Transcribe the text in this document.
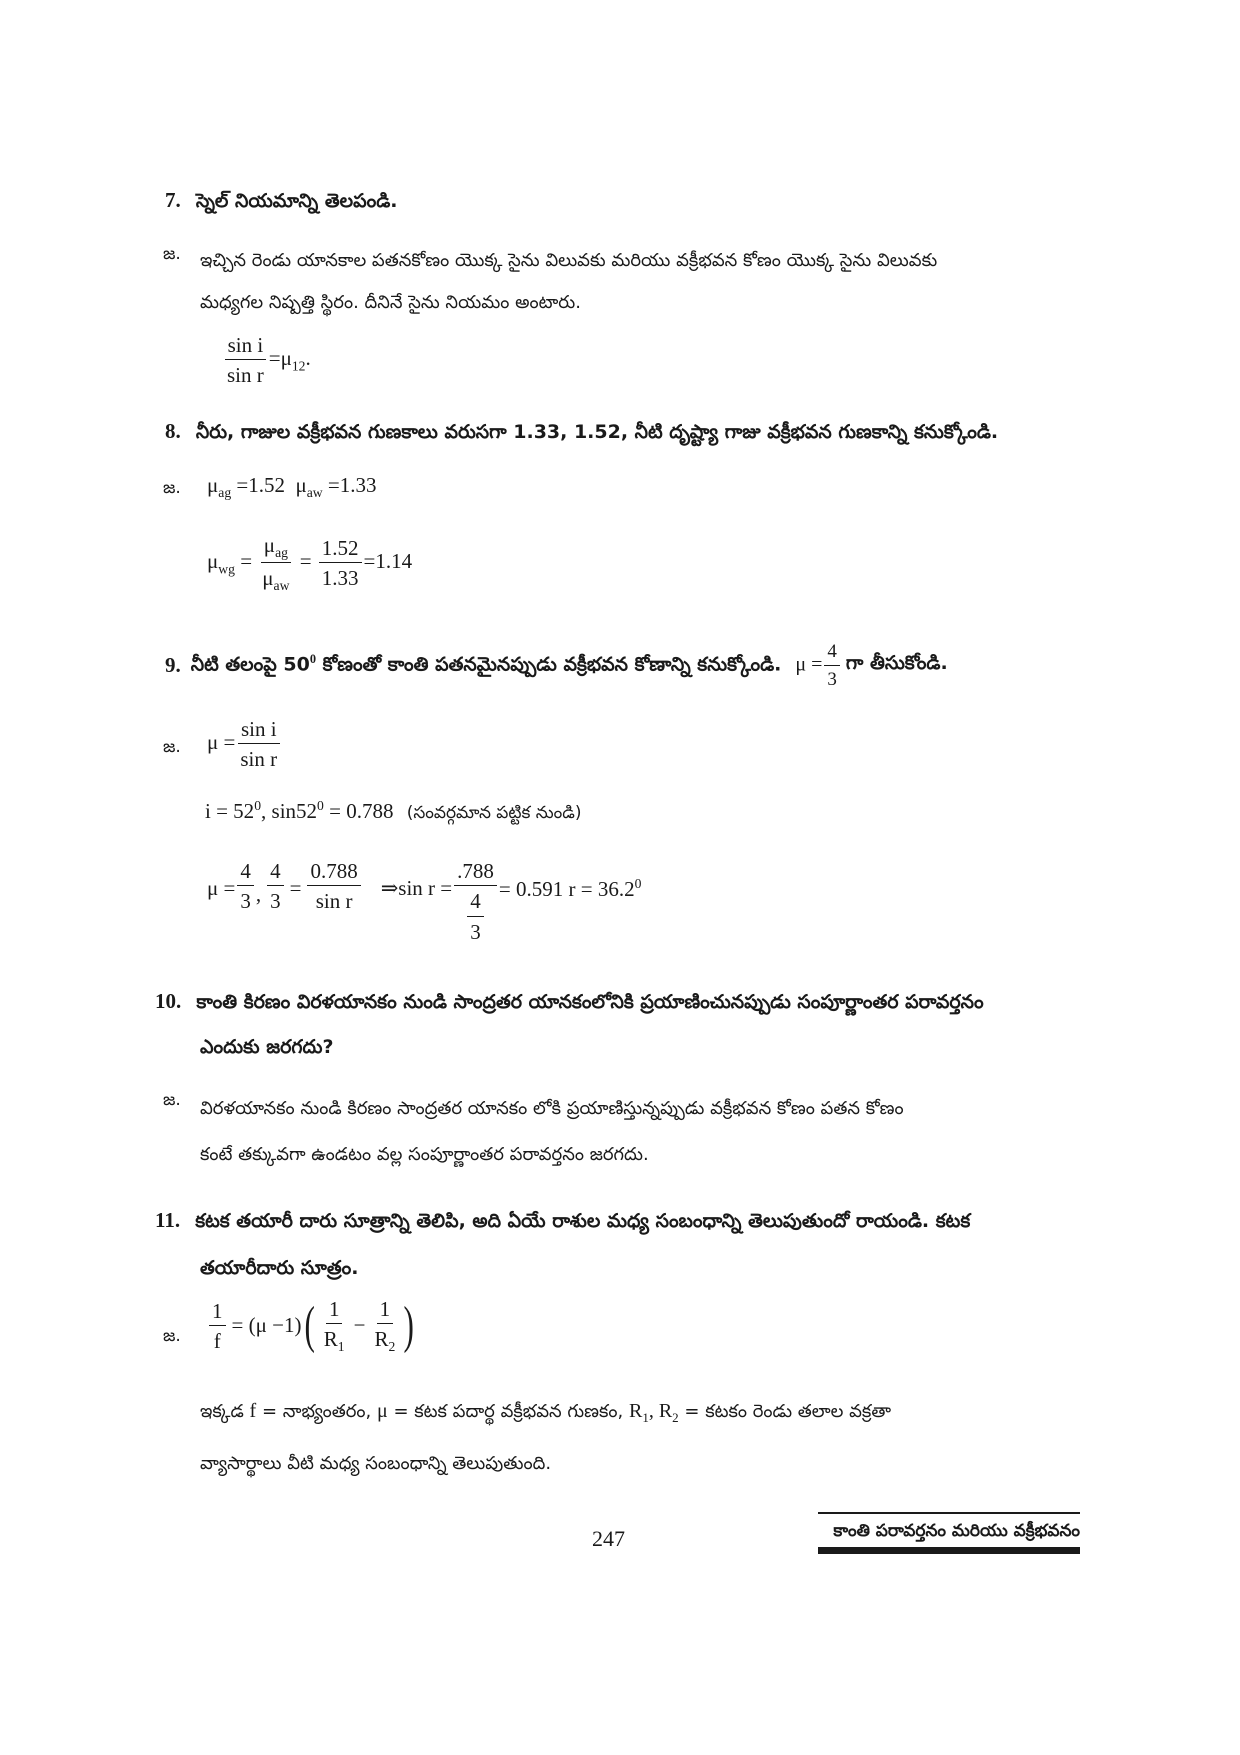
7. స్నెల్ నియమాన్ని తెలపండి.
జ. ఇచ్చిన రెండు యానకాల పతనకోణం యొక్క సైను విలువకు మరియు వక్రీభవన కోణం యొక్క సైను విలువకు
మధ్యగల నిష్పత్తి స్థిరం. దీనినే సైను నియమం అంటారు.
$\frac{\text{sin i}}{\text{sin r}} =\mu_{12}$.
8. నీరు, గాజుల వక్రీభవన గుణకాలు వరుసగా 1.33, 1.52, నీటి దృష్ట్యా గాజు వక్రీభవన గుణకాన్ని కనుక్కోండి.
జ. $\mu_{ag} =1.52$ $\mu_{aw} =1.33$
$\mu_{wg} = \frac{\mu_{ag}}{\mu_{aw}} = \frac{1.52}{1.33} =1.14$
9. నీటి తలంపై $50^0$ కోణంతో కాంతి పతనమైనప్పుడు వక్రీభవన కోణాన్ని కనుక్కోండి. $\mu = \frac{4}{3}$ గా తీసుకోండి.
జ. $\mu = \frac{\text{sin i}}{\text{sin r}}$
$i = 52^0$, $\sin 52^0 = 0.788$ (సంవర్గమాన పట్టిక నుండి)
$\mu = \frac{4}{3}$ , $\frac{4}{3} = \frac{0.788}{\text{sin r}}$ ⇒sin $r = \frac{.788}{\frac{4}{3}} = 0.591$ $r = 36.2^0$
10. కాంతి కిరణం విరళయానకం నుండి సాంద్రతర యానకంలోనికి ప్రయాణించునప్పుడు సంపూర్ణాంతర పరావర్తనం
ఎందుకు జరగదు?
జ. విరళయానకం నుండి కిరణం సాంద్రతర యానకం లోకి ప్రయాణిస్తున్నప్పుడు వక్రీభవన కోణం పతన కోణం
కంటే తక్కువగా ఉండటం వల్ల సంపూర్ణాంతర పరావర్తనం జరగదు.
11. కటక తయారీ దారు సూత్రాన్ని తెలిపి, అది ఏయే రాశుల మధ్య సంబంధాన్ని తెలుపుతుందో రాయండి. కటక
తయారీదారు సూత్రం.
జ. $\frac{1}{f} = (\mu -1)$ ( $\frac{1}{R_1} - \frac{1}{R_2}$ )
ఇక్కడ f = నాభ్యంతరం, μ = కటక పదార్థ వక్రీభవన గుణకం, $R_1$, $R_2$ = కటకం రెండు తలాల వక్రతా
వ్యాసార్థాలు వీటి మధ్య సంబంధాన్ని తెలుపుతుంది.
247	కాంతి పరావర్తనం మరియు వక్రీభవనం
